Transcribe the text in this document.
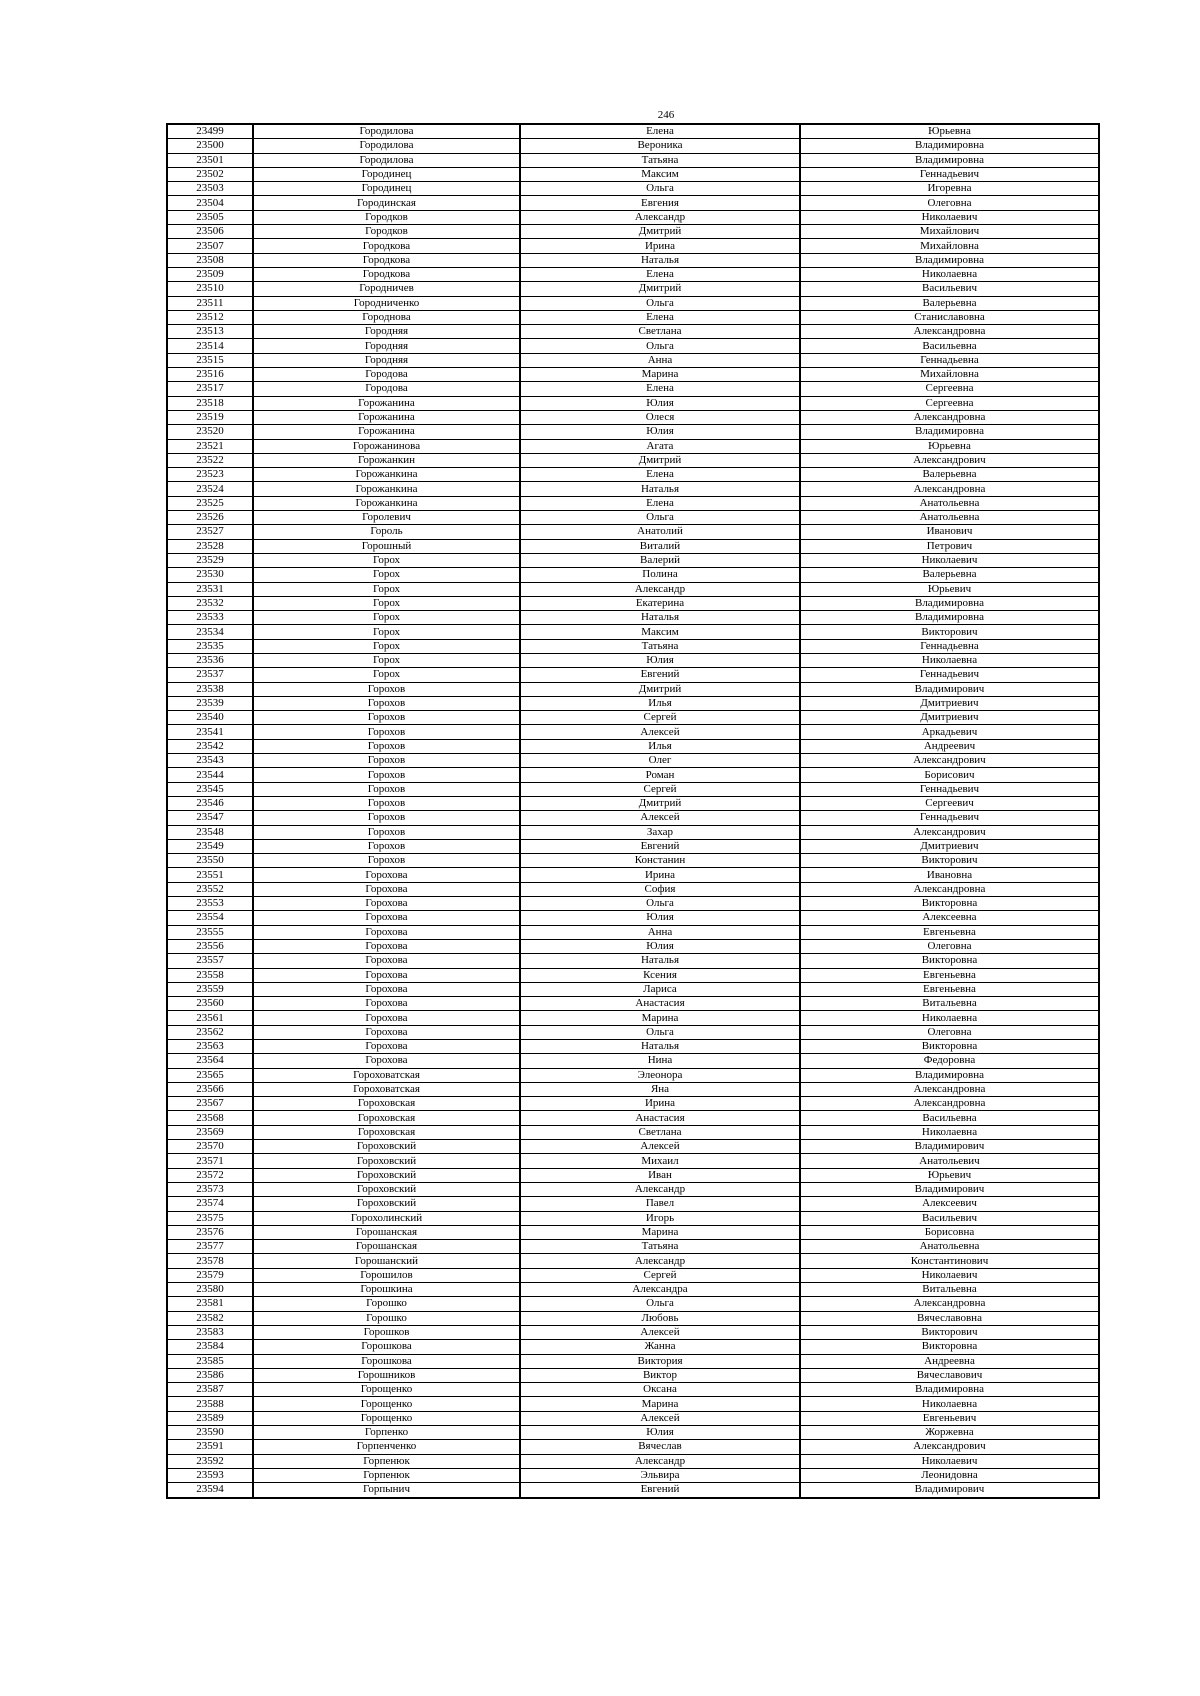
246
23499	Городилова	Елена	Юрьевна
23500	Городилова	Вероника	Владимировна
23501	Городилова	Татьяна	Владимировна
23502	Городинец	Максим	Геннадьевич
23503	Городинец	Ольга	Игоревна
23504	Городинская	Евгения	Олеговна
23505	Городков	Александр	Николаевич
23506	Городков	Дмитрий	Михайлович
23507	Городкова	Ирина	Михайловна
23508	Городкова	Наталья	Владимировна
23509	Городкова	Елена	Николаевна
23510	Городничев	Дмитрий	Васильевич
23511	Городниченко	Ольга	Валерьевна
23512	Городнова	Елена	Станиславовна
23513	Городняя	Светлана	Александровна
23514	Городняя	Ольга	Васильевна
23515	Городняя	Анна	Геннадьевна
23516	Городова	Марина	Михайловна
23517	Городова	Елена	Сергеевна
23518	Горожанина	Юлия	Сергеевна
23519	Горожанина	Олеся	Александровна
23520	Горожанина	Юлия	Владимировна
23521	Горожанинова	Агата	Юрьевна
23522	Горожанкин	Дмитрий	Александрович
23523	Горожанкина	Елена	Валерьевна
23524	Горожанкина	Наталья	Александровна
23525	Горожанкина	Елена	Анатольевна
23526	Горолевич	Ольга	Анатольевна
23527	Гороль	Анатолий	Иванович
23528	Горошный	Виталий	Петрович
23529	Горох	Валерий	Николаевич
23530	Горох	Полина	Валерьевна
23531	Горох	Александр	Юрьевич
23532	Горох	Екатерина	Владимировна
23533	Горох	Наталья	Владимировна
23534	Горох	Максим	Викторович
23535	Горох	Татьяна	Геннадьевна
23536	Горох	Юлия	Николаевна
23537	Горох	Евгений	Геннадьевич
23538	Горохов	Дмитрий	Владимирович
23539	Горохов	Илья	Дмитриевич
23540	Горохов	Сергей	Дмитриевич
23541	Горохов	Алексей	Аркадьевич
23542	Горохов	Илья	Андреевич
23543	Горохов	Олег	Александрович
23544	Горохов	Роман	Борисович
23545	Горохов	Сергей	Геннадьевич
23546	Горохов	Дмитрий	Сергеевич
23547	Горохов	Алексей	Геннадьевич
23548	Горохов	Захар	Александрович
23549	Горохов	Евгений	Дмитриевич
23550	Горохов	Констанин	Викторович
23551	Горохова	Ирина	Ивановна
23552	Горохова	София	Александровна
23553	Горохова	Ольга	Викторовна
23554	Горохова	Юлия	Алексеевна
23555	Горохова	Анна	Евгеньевна
23556	Горохова	Юлия	Олеговна
23557	Горохова	Наталья	Викторовна
23558	Горохова	Ксения	Евгеньевна
23559	Горохова	Лариса	Евгеньевна
23560	Горохова	Анастасия	Витальевна
23561	Горохова	Марина	Николаевна
23562	Горохова	Ольга	Олеговна
23563	Горохова	Наталья	Викторовна
23564	Горохова	Нина	Федоровна
23565	Гороховатская	Элеонора	Владимировна
23566	Гороховатская	Яна	Александровна
23567	Гороховская	Ирина	Александровна
23568	Гороховская	Анастасия	Васильевна
23569	Гороховская	Светлана	Николаевна
23570	Гороховский	Алексей	Владимирович
23571	Гороховский	Михаил	Анатольевич
23572	Гороховский	Иван	Юрьевич
23573	Гороховский	Александр	Владимирович
23574	Гороховский	Павел	Алексеевич
23575	Горохолинский	Игорь	Васильевич
23576	Горошанская	Марина	Борисовна
23577	Горошанская	Татьяна	Анатольевна
23578	Горошанский	Александр	Константинович
23579	Горошилов	Сергей	Николаевич
23580	Горошкина	Александра	Витальевна
23581	Горошко	Ольга	Александровна
23582	Горошко	Любовь	Вячеславовна
23583	Горошков	Алексей	Викторович
23584	Горошкова	Жанна	Викторовна
23585	Горошкова	Виктория	Андреевна
23586	Горошников	Виктор	Вячеславович
23587	Горощенко	Оксана	Владимировна
23588	Горощенко	Марина	Николаевна
23589	Горощенко	Алексей	Евгеньевич
23590	Горпенко	Юлия	Жоржевна
23591	Горпенченко	Вячеслав	Александрович
23592	Горпенюк	Александр	Николаевич
23593	Горпенюк	Эльвира	Леонидовна
23594	Горпынич	Евгений	Владимирович
